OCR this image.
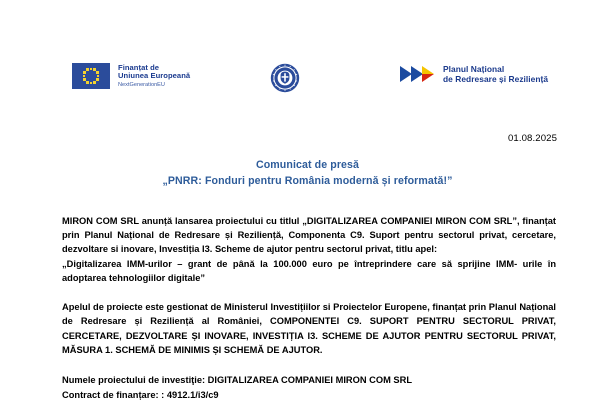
Finanțat de
Uniunea Europeană
NextGenerationEU
Planul Național
de Redresare și Reziliență
01.08.2025
Comunicat de presă
„PNRR: Fonduri pentru România modernă și reformată!”

MIRON COM SRL anunță lansarea proiectului cu titlul „DIGITALIZAREA COMPANIEI MIRON COM SRL”, finanțat prin Planul Național de Redresare și Reziliență, Componenta C9. Suport pentru sectorul privat, cercetare, dezvoltare si inovare, Investiția I3. Scheme de ajutor pentru sectorul privat, titlu apel:

„Digitalizarea IMM-urilor – grant de până la 100.000 euro pe întreprindere care să sprijine IMM- urile în adoptarea tehnologiilor digitale”

Apelul de proiecte este gestionat de Ministerul Investițiilor si Proiectelor Europene, finanțat prin Planul Național de Redresare și Reziliență al României, COMPONENTEI C9. SUPORT PENTRU SECTORUL PRIVAT, CERCETARE, DEZVOLTARE ȘI INOVARE, INVESTIȚIA I3. SCHEME DE AJUTOR PENTRU SECTORUL PRIVAT, MĂSURA 1. SCHEMĂ DE MINIMIS ȘI SCHEMĂ DE AJUTOR.

Numele proiectului de investiţie: DIGITALIZAREA COMPANIEI MIRON COM SRL

Contract de finanțare: : 4912.1/i3/c9
